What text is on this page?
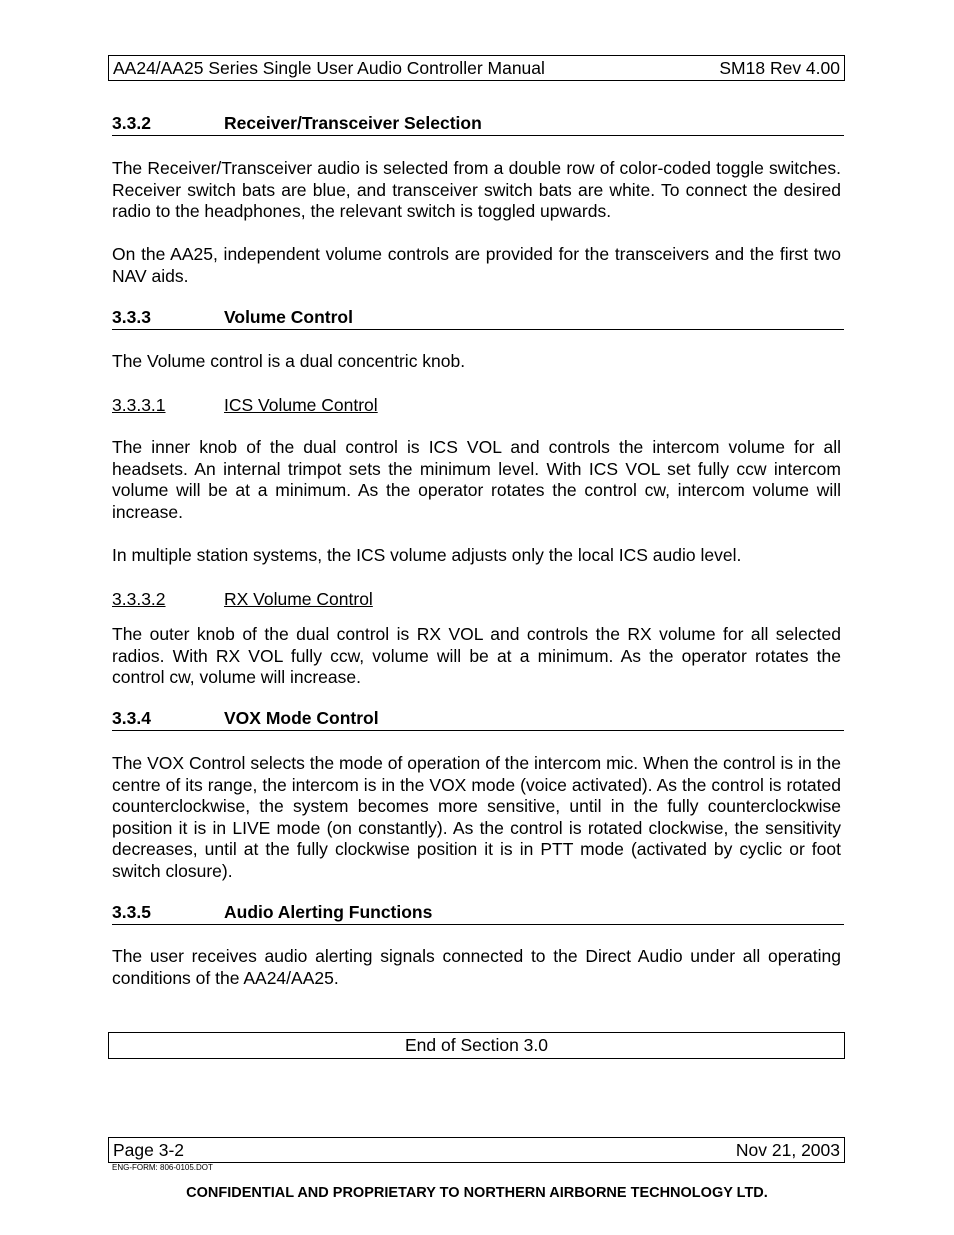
AA24/AA25 Series Single User Audio Controller Manual	SM18 Rev 4.00
3.3.2	Receiver/Transceiver Selection

The Receiver/Transceiver audio is selected from a double row of color-coded toggle switches. Receiver switch bats are blue, and transceiver switch bats are white. To connect the desired radio to the headphones, the relevant switch is toggled upwards.

On the AA25, independent volume controls are provided for the transceivers and the first two NAV aids.

3.3.3	Volume Control

The Volume control is a dual concentric knob.

3.3.3.1	ICS Volume Control

The inner knob of the dual control is ICS VOL and controls the intercom volume for all headsets. An internal trimpot sets the minimum level. With ICS VOL set fully ccw intercom volume will be at a minimum. As the operator rotates the control cw, intercom volume will increase.

In multiple station systems, the ICS volume adjusts only the local ICS audio level.

3.3.3.2	RX Volume Control

The outer knob of the dual control is RX VOL and controls the RX volume for all selected radios. With RX VOL fully ccw, volume will be at a minimum. As the operator rotates the control cw, volume will increase.

3.3.4	VOX Mode Control

The VOX Control selects the mode of operation of the intercom mic. When the control is in the centre of its range, the intercom is in the VOX mode (voice activated). As the control is rotated counterclockwise, the system becomes more sensitive, until in the fully counterclockwise position it is in LIVE mode (on constantly). As the control is rotated clockwise, the sensitivity decreases, until at the fully clockwise position it is in PTT mode (activated by cyclic or foot switch closure).

3.3.5	Audio Alerting Functions

The user receives audio alerting signals connected to the Direct Audio under all operating conditions of the AA24/AA25.

End of Section 3.0
Page 3-2	Nov 21, 2003
ENG-FORM: 806-0105.DOT
CONFIDENTIAL AND PROPRIETARY TO NORTHERN AIRBORNE TECHNOLOGY LTD.
